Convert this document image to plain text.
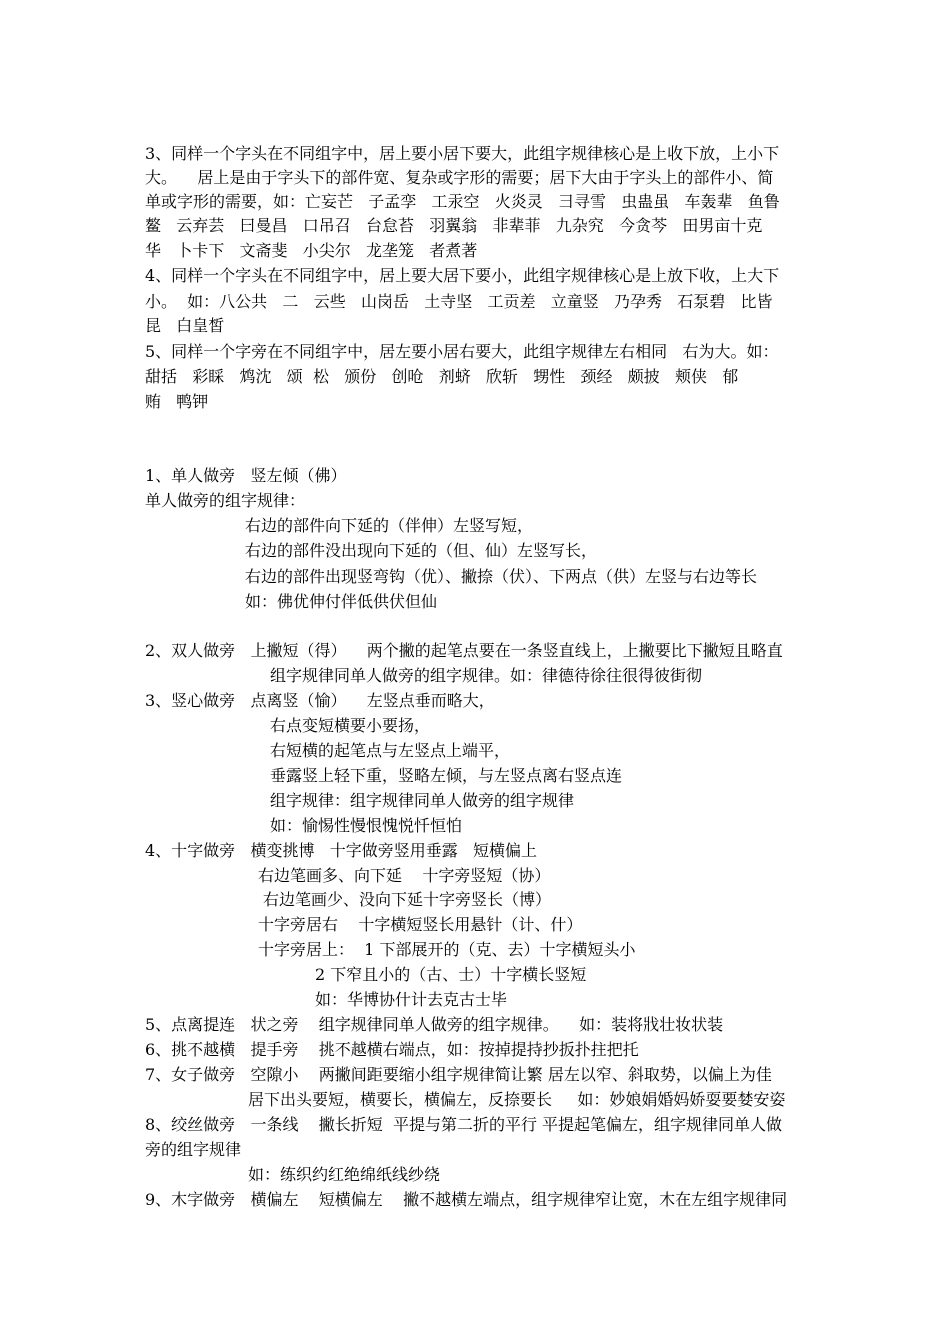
3、同样一个字头在不同组字中，居上要小居下要大，此组字规律核心是上收下放，上小下
大。    居上是由于字头下的部件宽、复杂或字形的需要；居下大由于字头上的部件小、简
单或字形的需要，如：亡妄芒   子孟孪   工汞空   火炎灵   彐寻雪   虫蛊虽   车轰辈   鱼鲁
鳌   云弃芸   曰曼昌   口吊召   台怠苔   羽翼翁   非辈菲   九杂究   今贪芩   田男亩十克
华   卜卡下   文斋斐   小尖尔   龙垄笼   者煮著
4、同样一个字头在不同组字中，居上要大居下要小，此组字规律核心是上放下收，上大下
小。  如：八公共   二   云些   山岗岳   土寺坚   工贡差   立童竖   乃孕秀   石泵碧   比皆
昆   白皇皙
5、同样一个字旁在不同组字中，居左要小居右要大，此组字规律左右相同   右为大。如：
甜括   彩睬   鸩沈   颂  松   颁份   创呛   剂蛴   欣斩   甥性   颈经   颇披   颊侠   郁
贿   鸭钾
1、单人做旁   竖左倾（佛）
单人做旁的组字规律：
右边的部件向下延的（伴伸）左竖写短，
右边的部件没出现向下延的（但、仙）左竖写长，
右边的部件出现竖弯钩（优）、撇捺（伏）、下两点（供）左竖与右边等长
如：佛优伸付伴低供伏但仙
2、双人做旁   上撇短（得）    两个撇的起笔点要在一条竖直线上，上撇要比下撇短且略直
组字规律同单人做旁的组字规律。如：律德待徐往很得彼街彻
3、竖心做旁   点离竖（愉）    左竖点垂而略大，
右点变短横要小要扬，
右短横的起笔点与左竖点上端平，
垂露竖上轻下重，竖略左倾，与左竖点离右竖点连
组字规律：组字规律同单人做旁的组字规律
如：愉惕性慢恨愧悦忏恒怕
4、十字做旁   横变挑博   十字做旁竖用垂露   短横偏上
右边笔画多、向下延    十字旁竖短（协）
右边笔画少、没向下延十字旁竖长（博）
十字旁居右    十字横短竖长用悬针（计、什）
十字旁居上：  1 下部展开的（克、去）十字横短头小
2 下窄且小的（古、士）十字横长竖短
如：华博协什计去克古士毕
5、点离提连   状之旁    组字规律同单人做旁的组字规律。    如：装将戕壮妆状装
6、挑不越横   提手旁    挑不越横右端点，如：按掉提持抄扳扑拄把托
7、女子做旁   空隙小    两撇间距要缩小组字规律简让繁 居左以窄、斜取势，以偏上为佳
居下出头要短，横要长，横偏左，反捺要长     如：妙娘娟婚妈娇耍要婪安姿
8、绞丝做旁   一条线    撇长折短  平提与第二折的平行 平提起笔偏左，组字规律同单人做
旁的组字规律
如：练织约红绝绵纸线纱绕
9、木字做旁   横偏左    短横偏左    撇不越横左端点，组字规律窄让宽，木在左组字规律同
